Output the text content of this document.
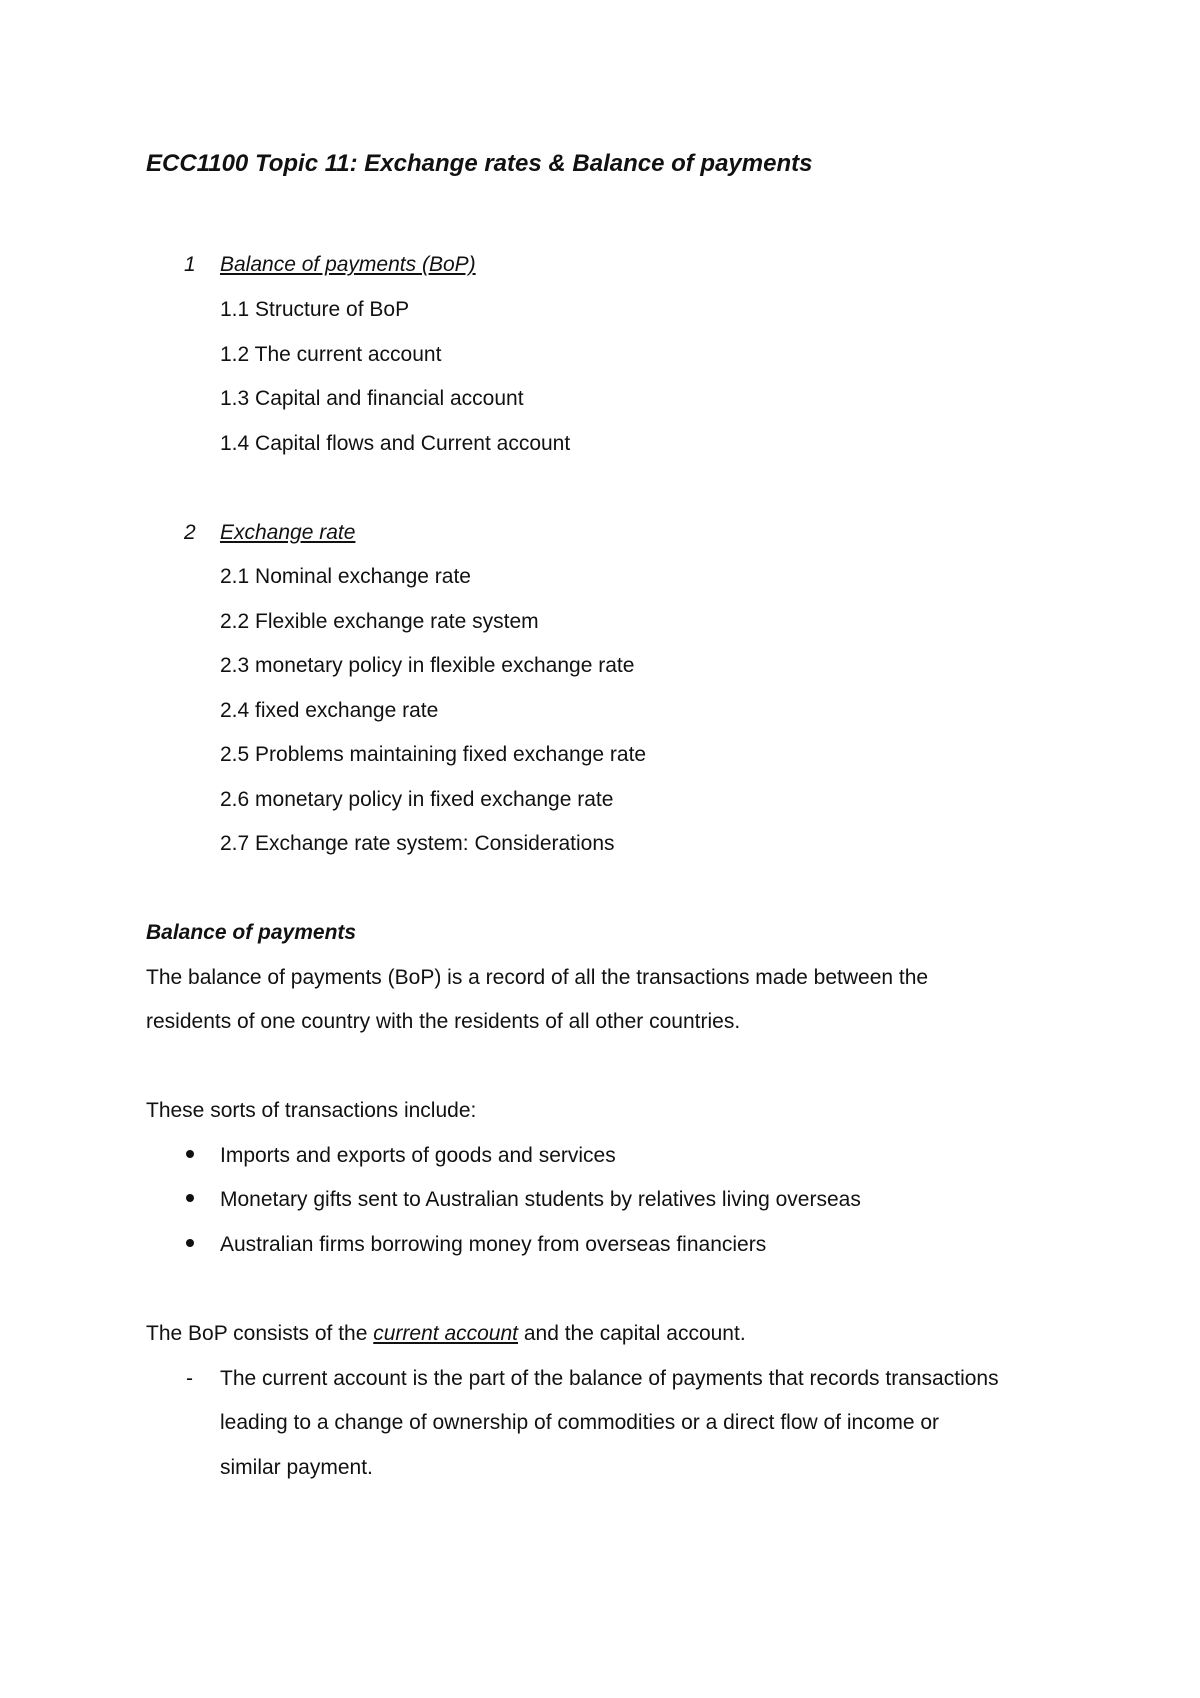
ECC1100 Topic 11: Exchange rates & Balance of payments
1 Balance of payments (BoP)
1.1 Structure of BoP
1.2 The current account
1.3 Capital and financial account
1.4 Capital flows and Current account
2 Exchange rate
2.1 Nominal exchange rate
2.2 Flexible exchange rate system
2.3 monetary policy in flexible exchange rate
2.4 fixed exchange rate
2.5 Problems maintaining fixed exchange rate
2.6 monetary policy in fixed exchange rate
2.7 Exchange rate system: Considerations
Balance of payments
The balance of payments (BoP) is a record of all the transactions made between the
residents of one country with the residents of all other countries.
These sorts of transactions include:
Imports and exports of goods and services
Monetary gifts sent to Australian students by relatives living overseas
Australian firms borrowing money from overseas financiers
The BoP consists of the current account and the capital account.
- The current account is the part of the balance of payments that records transactions
leading to a change of ownership of commodities or a direct flow of income or
similar payment.
